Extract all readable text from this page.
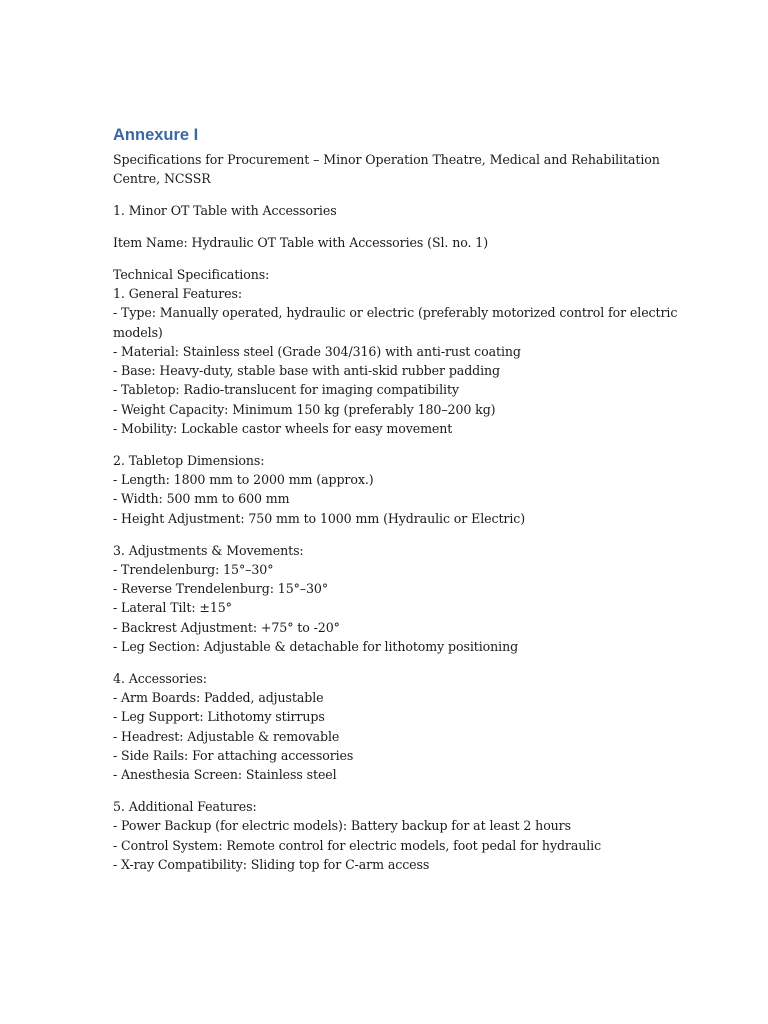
Annexure I
Specifications for Procurement – Minor Operation Theatre, Medical and Rehabilitation
Centre, NCSSR
1. Minor OT Table with Accessories
Item Name: Hydraulic OT Table with Accessories (Sl. no. 1)
Technical Specifications:
1. General Features:
- Type: Manually operated, hydraulic or electric (preferably motorized control for electric
models)
- Material: Stainless steel (Grade 304/316) with anti-rust coating
- Base: Heavy-duty, stable base with anti-skid rubber padding
- Tabletop: Radio-translucent for imaging compatibility
- Weight Capacity: Minimum 150 kg (preferably 180–200 kg)
- Mobility: Lockable castor wheels for easy movement
2. Tabletop Dimensions:
- Length: 1800 mm to 2000 mm (approx.)
- Width: 500 mm to 600 mm
- Height Adjustment: 750 mm to 1000 mm (Hydraulic or Electric)
3. Adjustments & Movements:
- Trendelenburg: 15°–30°
- Reverse Trendelenburg: 15°–30°
- Lateral Tilt: ±15°
- Backrest Adjustment: +75° to -20°
- Leg Section: Adjustable & detachable for lithotomy positioning
4. Accessories:
- Arm Boards: Padded, adjustable
- Leg Support: Lithotomy stirrups
- Headrest: Adjustable & removable
- Side Rails: For attaching accessories
- Anesthesia Screen: Stainless steel
5. Additional Features:
- Power Backup (for electric models): Battery backup for at least 2 hours
- Control System: Remote control for electric models, foot pedal for hydraulic
- X-ray Compatibility: Sliding top for C-arm access
